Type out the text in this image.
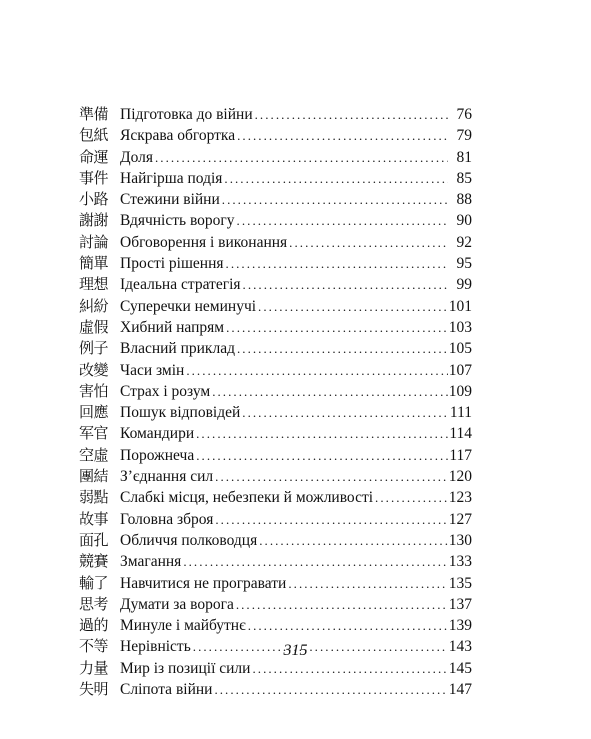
準備 Підготовка до війни . . .	76
包紙 Яскрава обгортка . . .	79
命運 Доля . . .	81
事件 Найгірша подія . . .	85
小路 Стежини війни . . .	88
謝謝 Вдячність ворогу . . .	90
討論 Обговорення і виконання . . .	92
簡單 Прості рішення . . .	95
理想 Ідеальна стратегія . . .	99
糾紛 Суперечки неминучі . . .	101
虛假 Хибний напрям . . .	103
例子 Власний приклад . . .	105
改變 Часи змін . . .	107
害怕 Страх і розум . . .	109
回應 Пошук відповідей . . .	111
军官 Командири . . .	114
空虛 Порожнеча . . .	117
團結 З’єднання сил . . .	120
弱點 Слабкі місця, небезпеки й можливості . . .	123
故事 Головна зброя . . .	127
面孔 Обличчя полководця . . .	130
競賽 Змагання . . .	133
輸了 Навчитися не програвати . . .	135
思考 Думати за ворога . . .	137
過的 Минуле і майбутнє . . .	139
不等 Нерівність . . .	143
力量 Мир із позиції сили . . .	145
失明 Сліпота війни . . .	147
315
